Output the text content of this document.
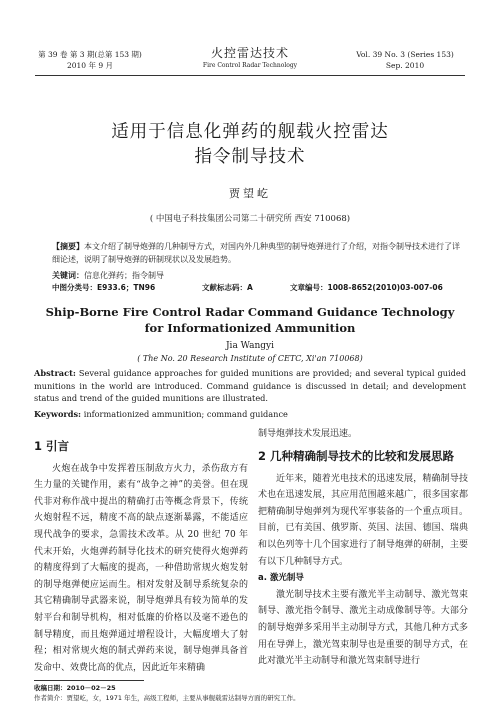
第 39 卷 第 3 期(总第 153 期)
2010 年 9 月
火控雷达技术
Fire Control Radar Technology
Vol. 39 No. 3 (Series 153)
Sep. 2010
适用于信息化弹药的舰载火控雷达
指令制导技术
贾望屹
( 中国电子科技集团公司第二十研究所 西安 710068)
【摘要】本文介绍了制导炮弹的几种制导方式，对国内外几种典型的制导炮弹进行了介绍，对指令制导技术进行了详细论述，说明了制导炮弹的研制现状以及发展趋势。
关键词：信息化弹药；指令制导
中图分类号：E933.6；TN96	文献标志码：A	文章编号：1008-8652(2010)03-007-06
Ship-Borne Fire Control Radar Command Guidance Technology
for Informationized Ammunition
Jia Wangyi
( The No. 20 Research Institute of CETC, Xi'an 710068)
Abstract: Several guidance approaches for guided munitions are provided; and several typical guided munitions in the world are introduced. Command guidance is discussed in detail; and development status and trend of the guided munitions are illustrated.
Keywords: informationized ammunition; command guidance
1 引言

火炮在战争中发挥着压制敌方火力，杀伤敌方有生力量的关键作用，素有“战争之神”的美誉。但在现代非对称作战中提出的精确打击等概念背景下，传统火炮射程不远，精度不高的缺点逐渐暴露，不能适应现代战争的要求，急需技术改革。从 20 世纪 70 年代末开始，火炮弹药制导化技术的研究使得火炮弹药的精度得到了大幅度的提高，一种借助常规火炮发射的制导炮弹便应运而生。相对发射及制导系统复杂的其它精确制导武器来说，制导炮弹具有较为简单的发射平台和制导机构，相对低廉的价格以及毫不逊色的制导精度，而且炮弹通过增程设计，大幅度增大了射程；相对常规火炮的制式弹药来说，制导炮弹具备首发命中、效费比高的优点，因此近年来精确

制导炮弹技术发展迅速。

2 几种精确制导技术的比较和发展思路

近年来，随着光电技术的迅速发展，精确制导技术也在迅速发展，其应用范围越来越广，很多国家都把精确制导炮弹列为现代军事装备的一个重点项目。目前，已有美国、俄罗斯、英国、法国、德国、瑞典和以色列等十几个国家进行了制导炮弹的研制，主要有以下几种制导方式。

a. 激光制导

激光制导技术主要有激光半主动制导、激光驾束制导、激光指令制导、激光主动成像制导等。大部分的制导炮弹多采用半主动制导方式，其他几种方式多用在导弹上，激光驾束制导也是重要的制导方式，在此对激光半主动制导和激光驾束制导进行

收稿日期：2010－02－25
作者简介：贾望屹，女，1971 年生，高级工程师，主要从事舰载雷达制导方面的研究工作。
